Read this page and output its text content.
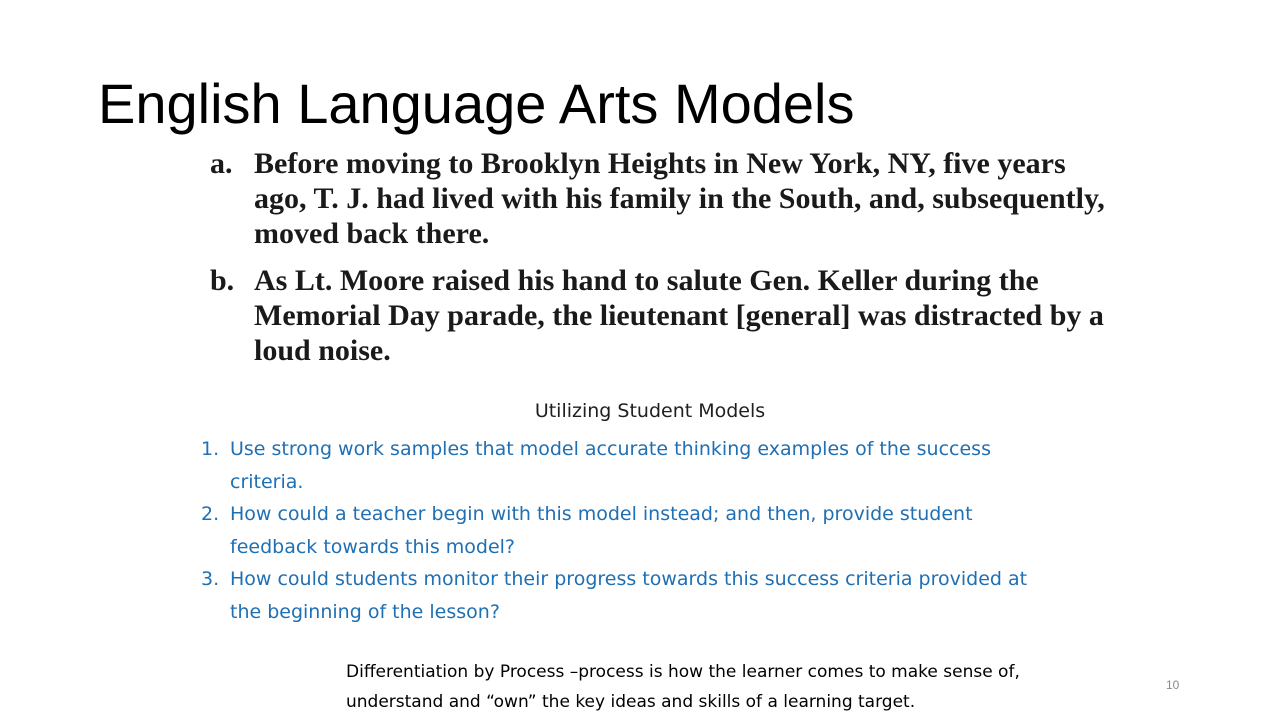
English Language Arts Models
a. Before moving to Brooklyn Heights in New York, NY, five years ago, T. J. had lived with his family in the South, and, subsequently, moved back there.
b. As Lt. Moore raised his hand to salute Gen. Keller during the Memorial Day parade, the lieutenant [general] was distracted by a loud noise.
Utilizing Student Models
1. Use strong work samples that model accurate thinking examples of the success criteria.
2. How could a teacher begin with this model instead; and then, provide student feedback towards this model?
3. How could students monitor their progress towards this success criteria provided at the beginning of the lesson?
Differentiation by Process –process is how the learner comes to make sense of, understand and “own” the key ideas and skills of a learning target.
10
